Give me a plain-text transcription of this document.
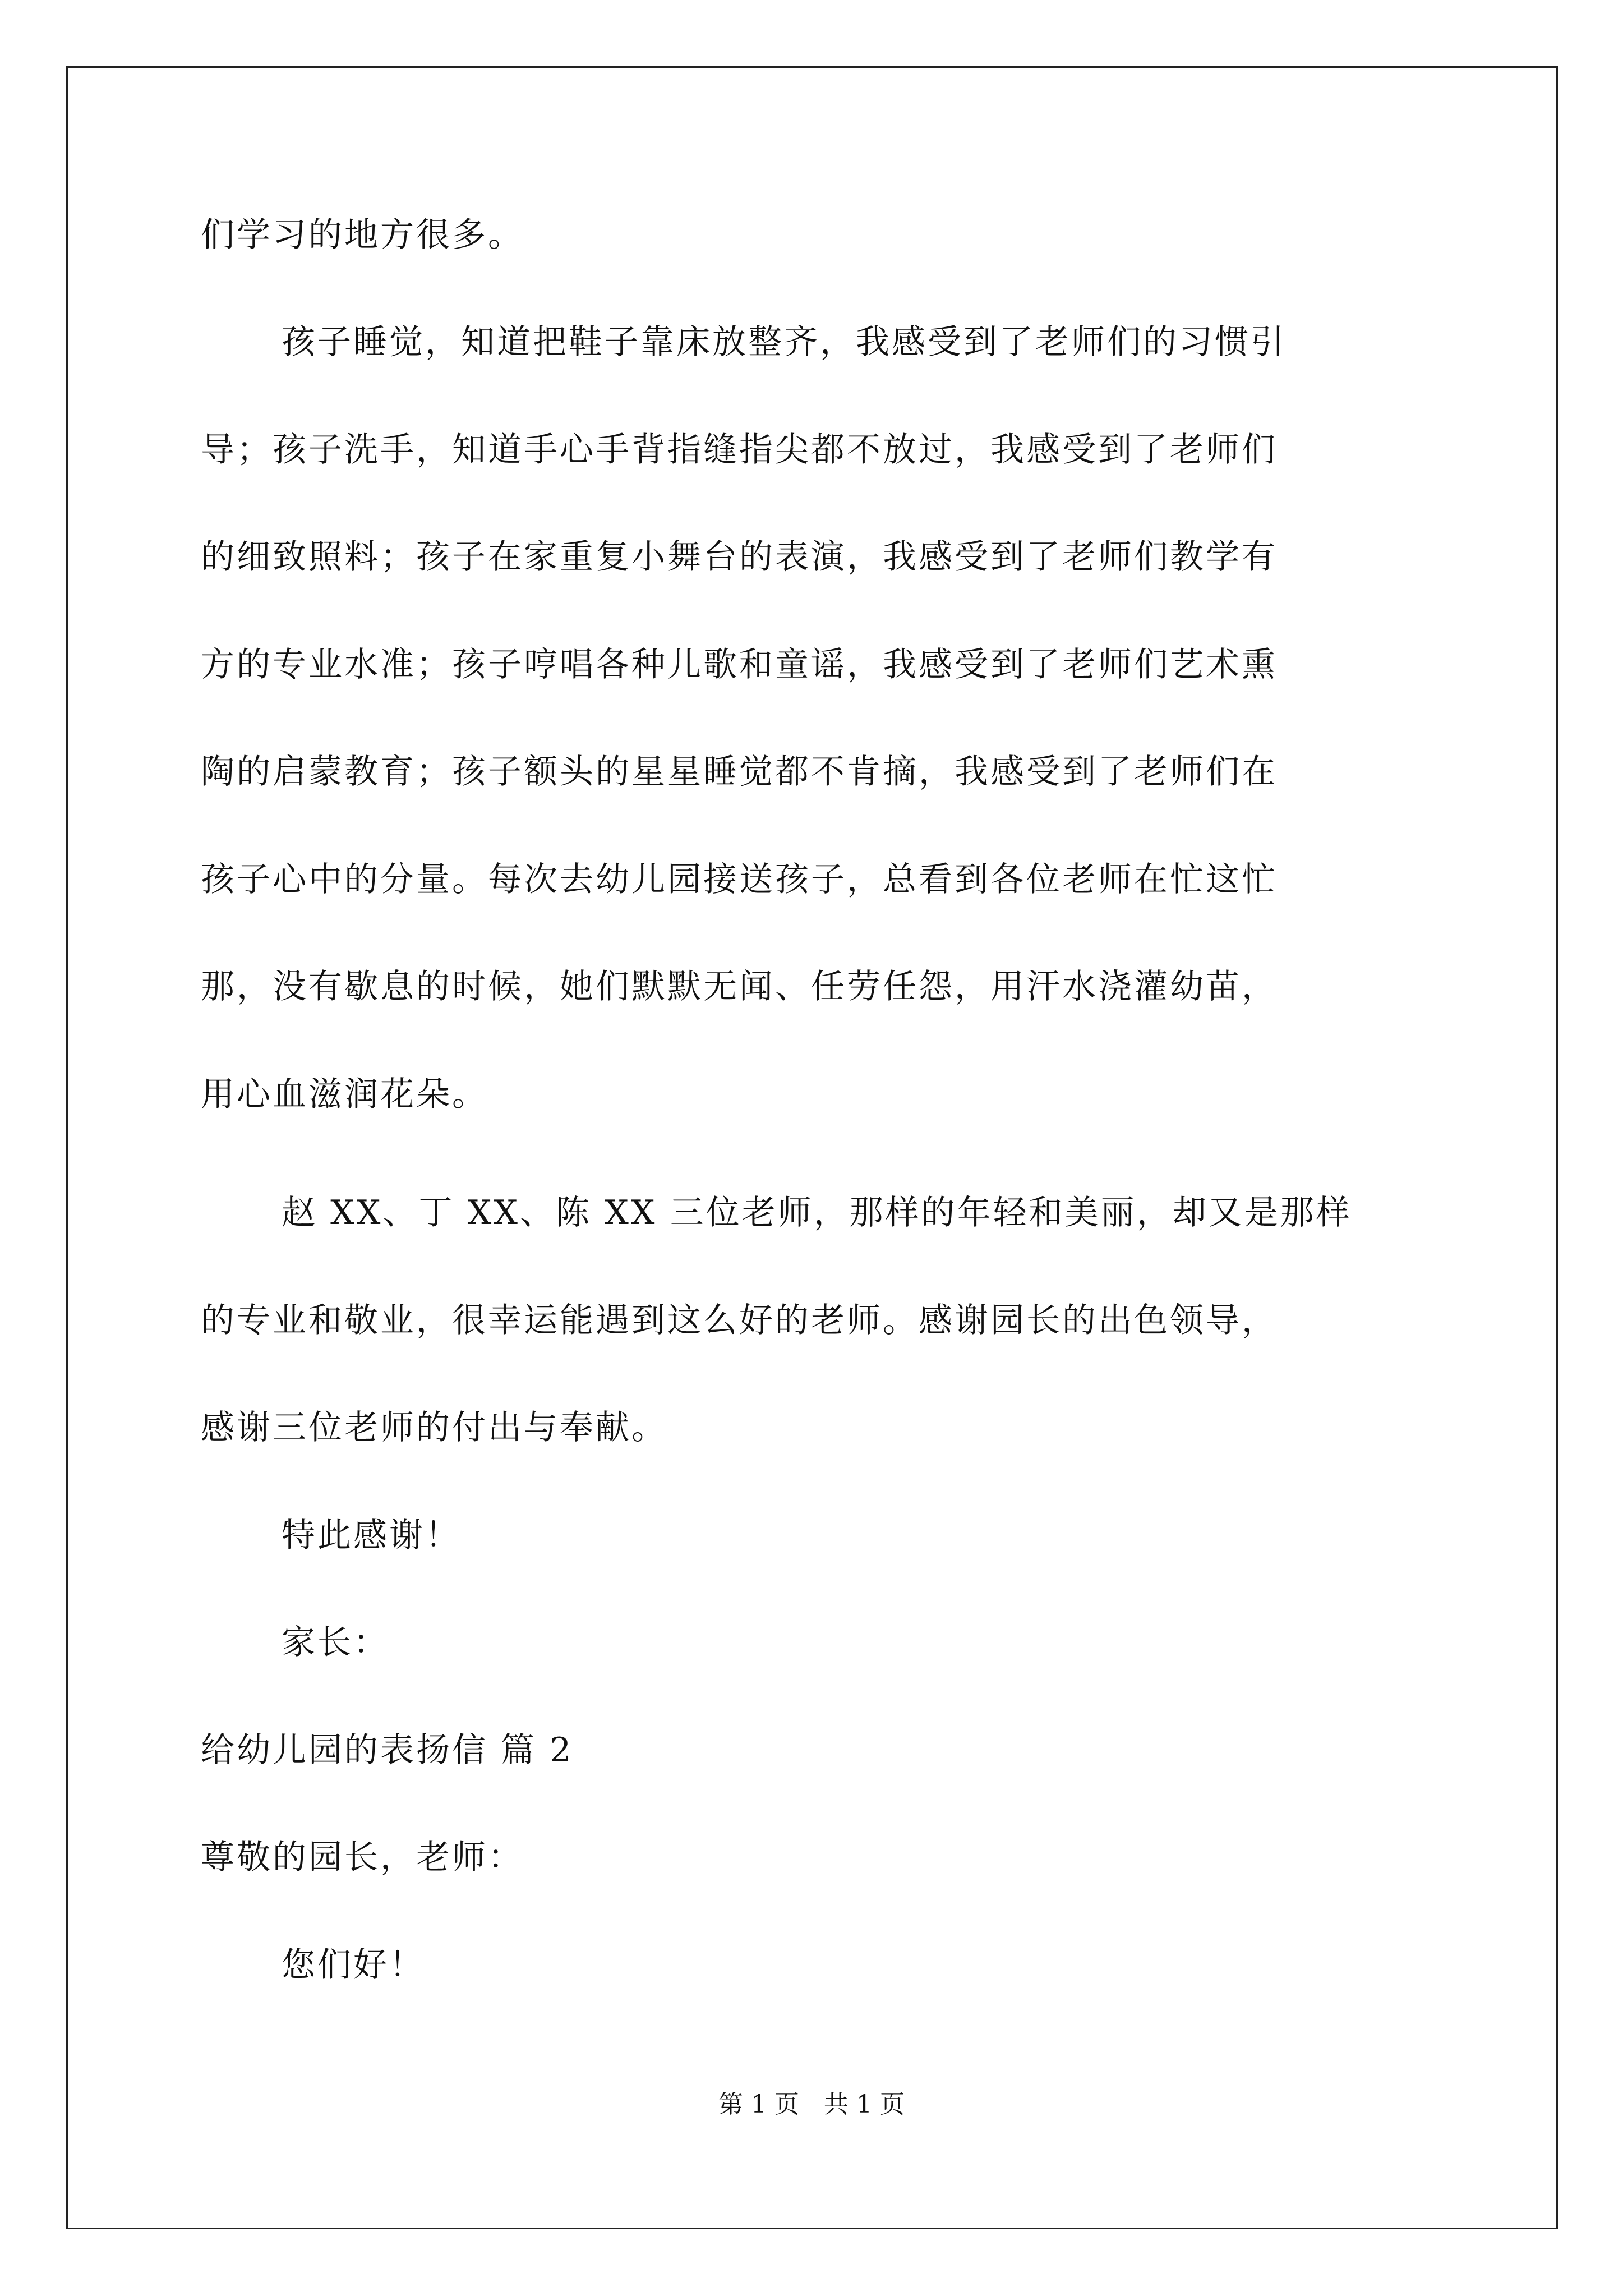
们学习的地方很多。
孩子睡觉，知道把鞋子靠床放整齐，我感受到了老师们的习惯引
导；孩子洗手，知道手心手背指缝指尖都不放过，我感受到了老师们
的细致照料；孩子在家重复小舞台的表演，我感受到了老师们教学有
方的专业水准；孩子哼唱各种儿歌和童谣，我感受到了老师们艺术熏
陶的启蒙教育；孩子额头的星星睡觉都不肯摘，我感受到了老师们在
孩子心中的分量。每次去幼儿园接送孩子，总看到各位老师在忙这忙
那，没有歇息的时候，她们默默无闻、任劳任怨，用汗水浇灌幼苗，
用心血滋润花朵。
赵 XX、丁 XX、陈 XX 三位老师，那样的年轻和美丽，却又是那样
的专业和敬业，很幸运能遇到这么好的老师。感谢园长的出色领导，
感谢三位老师的付出与奉献。
特此感谢！
家长：
给幼儿园的表扬信 篇 2
尊敬的园长，老师：
您们好！
第 1 页　共 1 页
